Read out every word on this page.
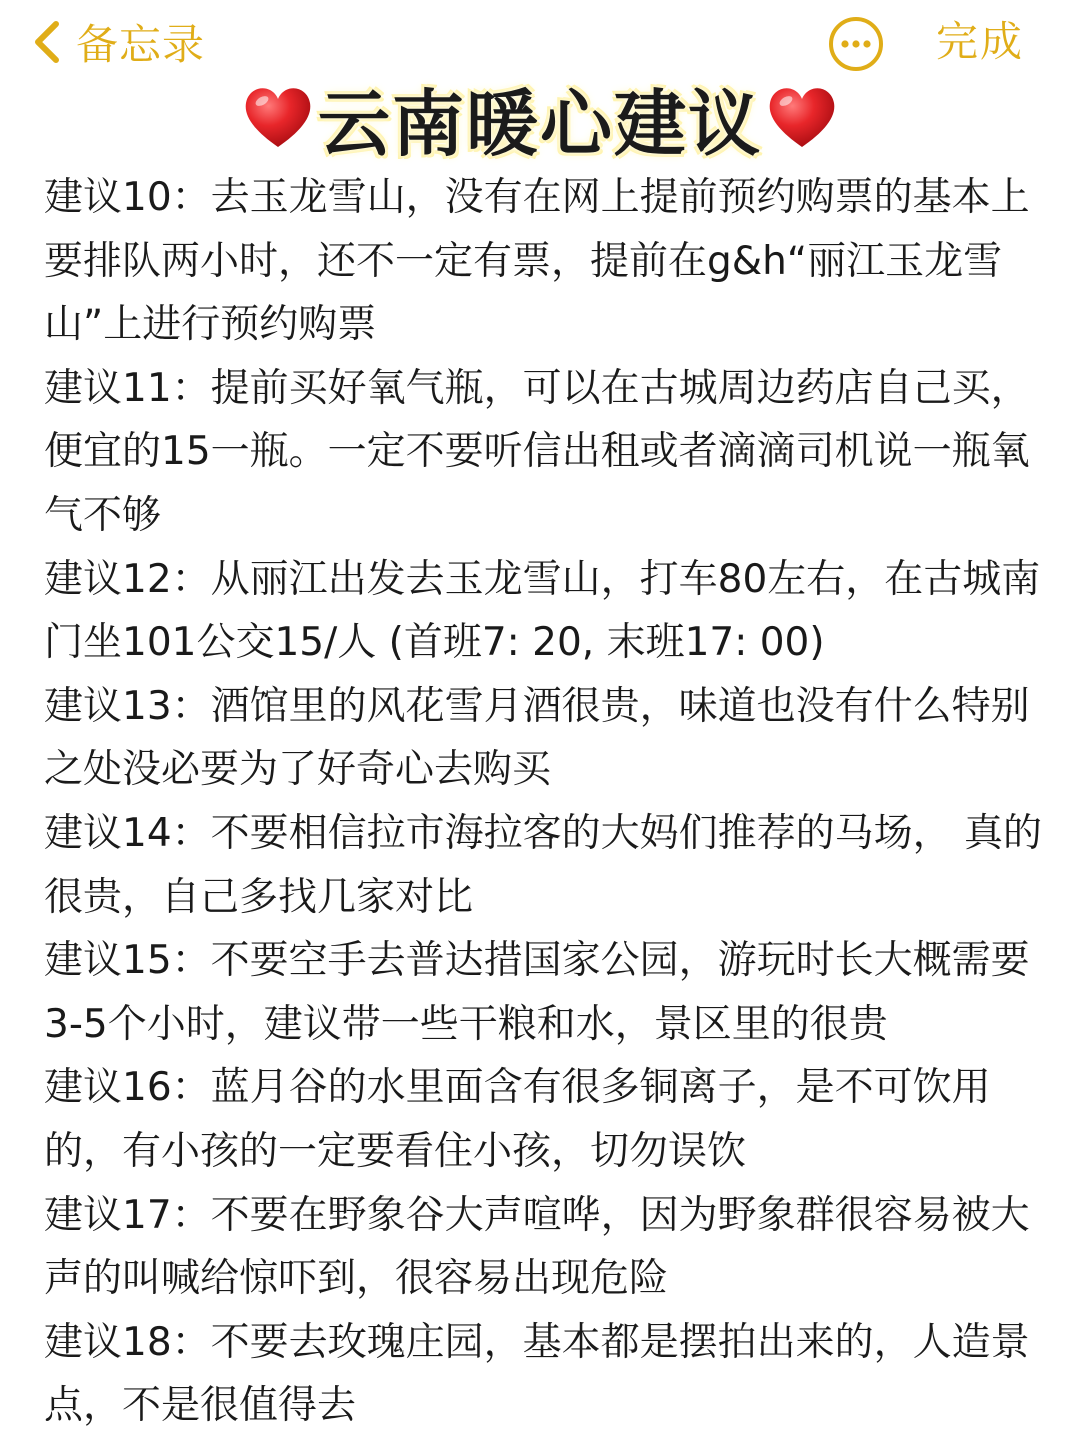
备忘录	完成
云南暖心建议

建议10：去玉龙雪山，没有在网上提前预约购票的基本上要排队两小时，还不一定有票，提前在g&h“丽江玉龙雪山”上进行预约购票

建议11：提前买好氧气瓶，可以在古城周边药店自己买， 便宜的15一瓶。一定不要听信出租或者滴滴司机说一瓶氧气不够

建议12：从丽江出发去玉龙雪山，打车80左右，在古城南门坐101公交15/人 (首班7: 20, 末班17: 00)

建议13：酒馆里的风花雪月酒很贵，味道也没有什么特别之处没必要为了好奇心去购买

建议14：不要相信拉市海拉客的大妈们推荐的马场， 真的很贵，自己多找几家对比

建议15：不要空手去普达措国家公园，游玩时长大概需要3-5个小时，建议带一些干粮和水，景区里的很贵

建议16：蓝月谷的水里面含有很多铜离子，是不可饮用的，有小孩的一定要看住小孩，切勿误饮

建议17：不要在野象谷大声喧哗，因为野象群很容易被大声的叫喊给惊吓到，很容易出现危险

建议18：不要去玫瑰庄园，基本都是摆拍出来的，人造景点，不是很值得去
